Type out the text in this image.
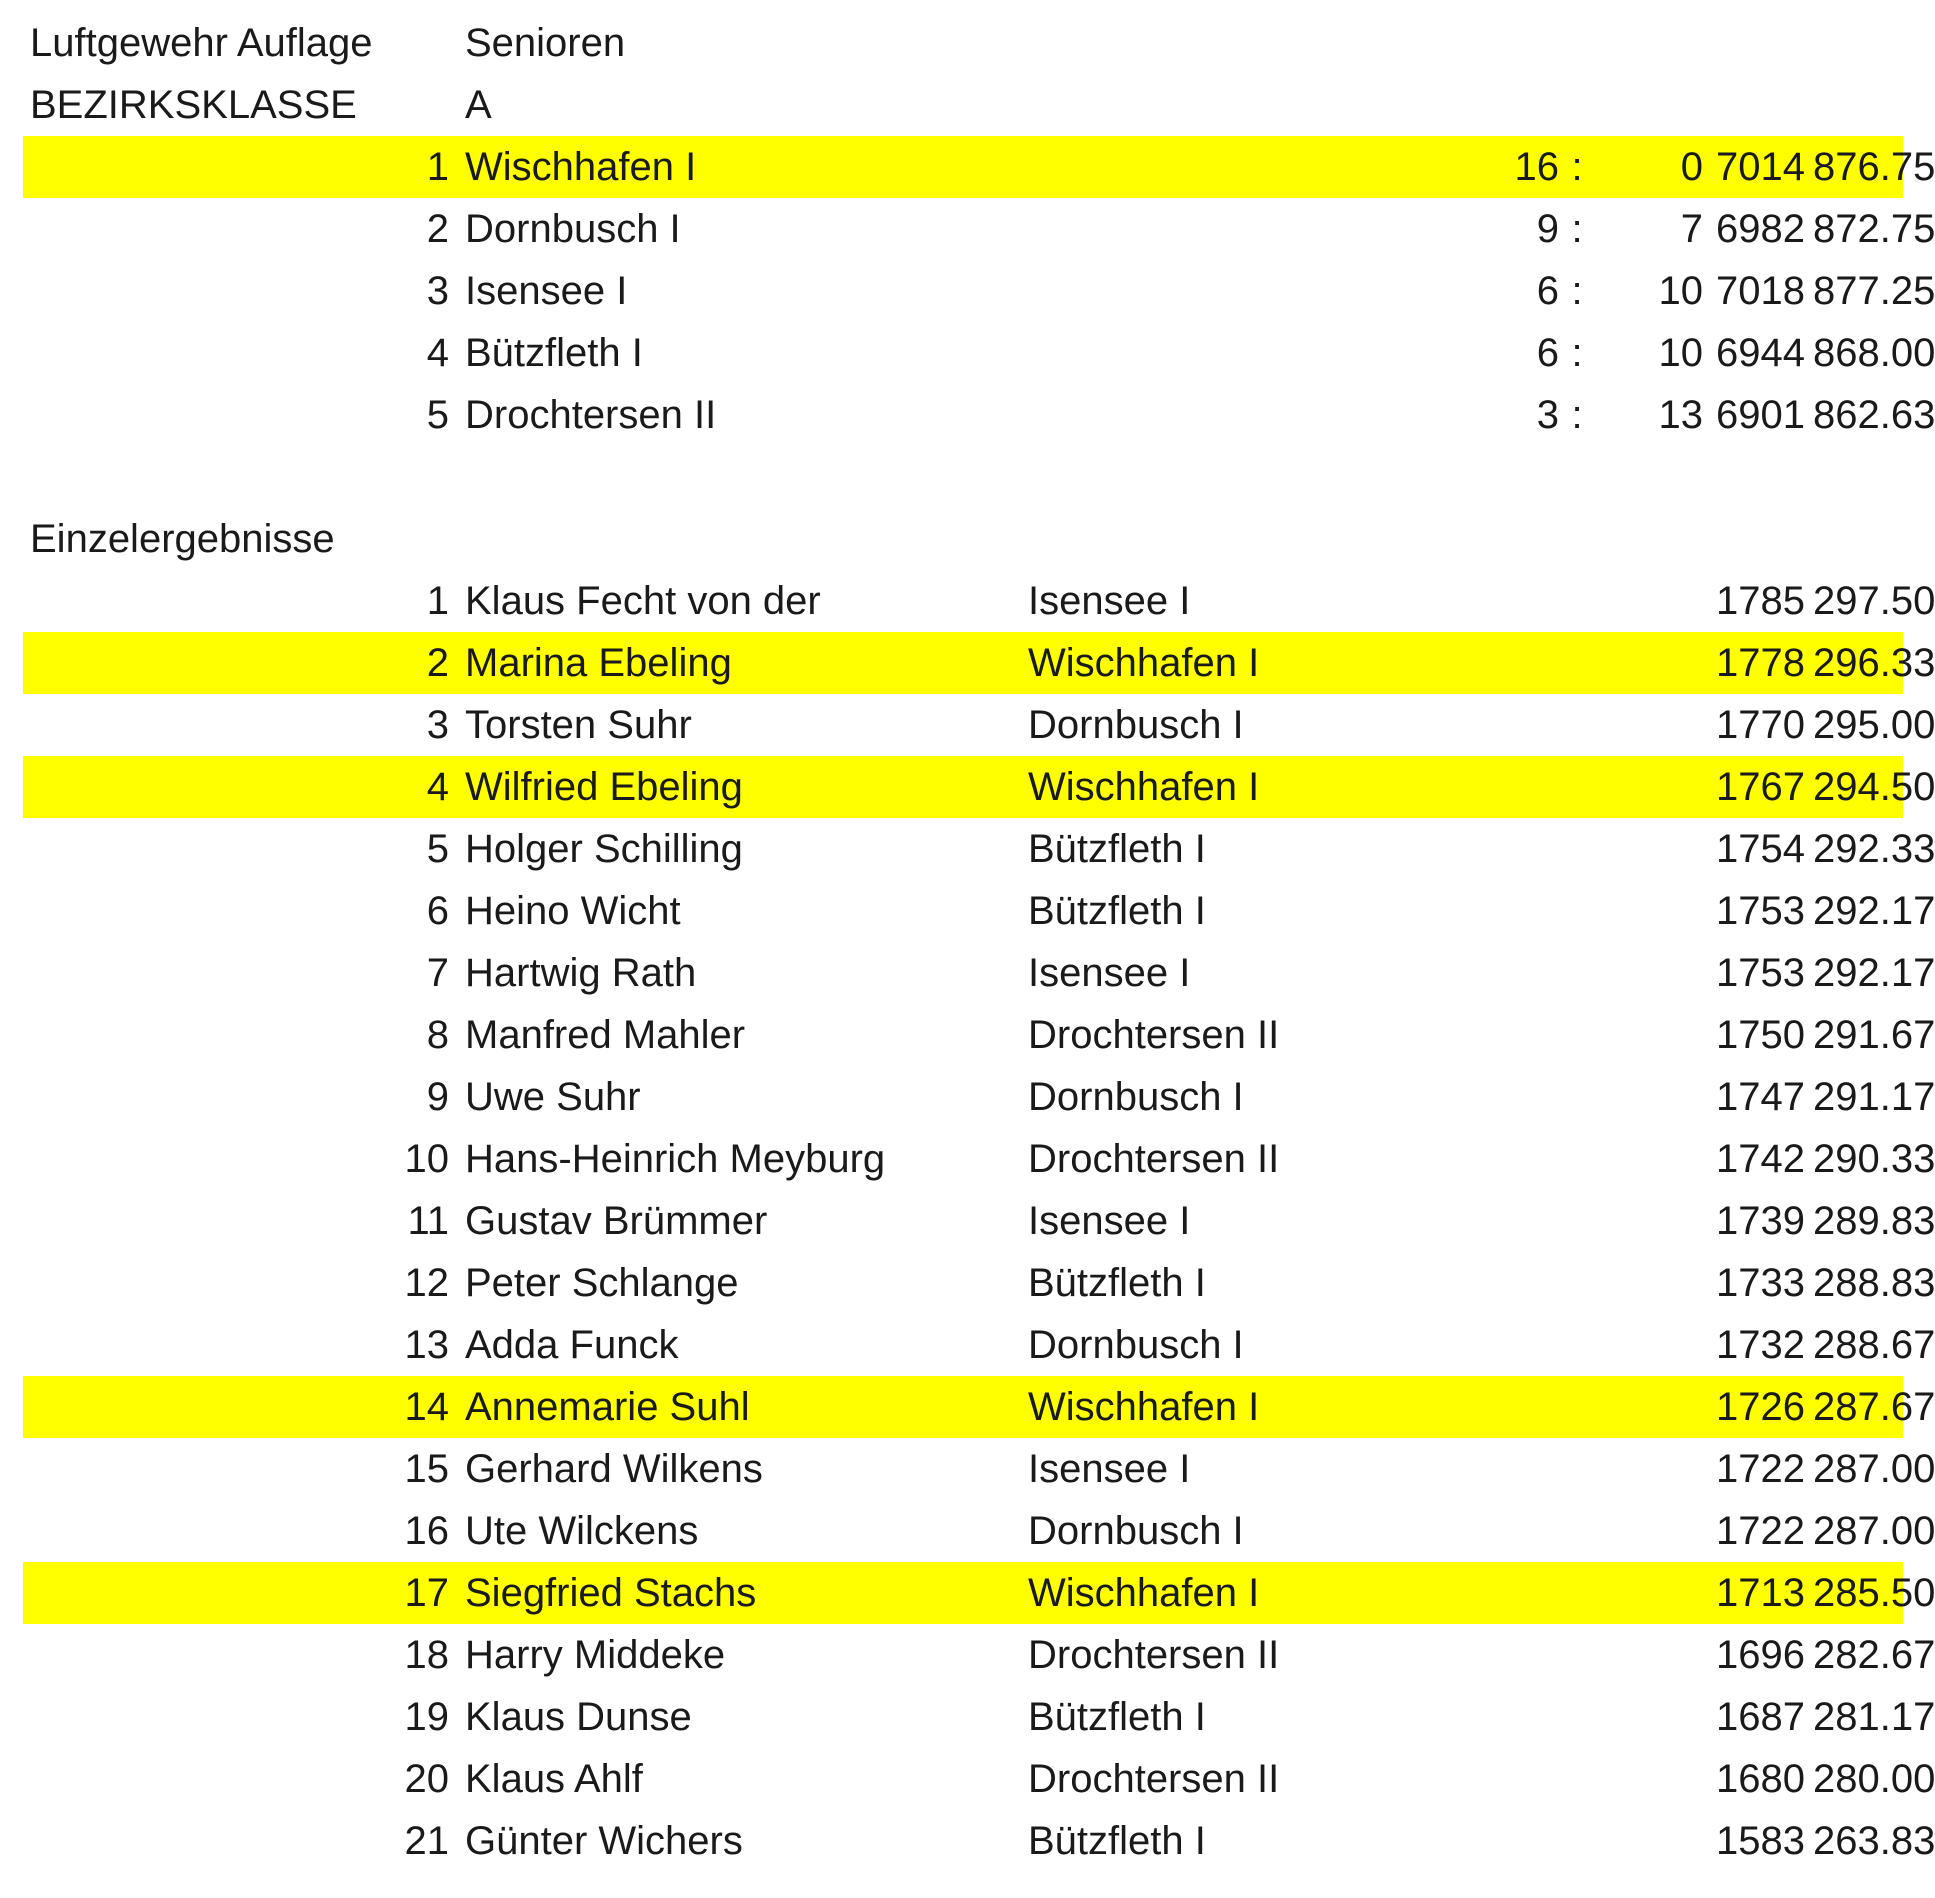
Luftgewehr Auflage Senioren
BEZIRKSKLASSE	A
1 Wischhafen I	16 :	0 7014 876.75
2 Dornbusch I	9 :	7 6982 872.75
3 Isensee I	6 :	10 7018 877.25
4 Bützfleth I	6 :	10 6944 868.00
5 Drochtersen II	3 :	13 6901 862.63
Einzelergebnisse
1 Klaus Fecht von der	Isensee I	1785 297.50
2 Marina Ebeling	Wischhafen I	1778 296.33
3 Torsten Suhr	Dornbusch I	1770 295.00
4 Wilfried Ebeling	Wischhafen I	1767 294.50
5 Holger Schilling	Bützfleth I	1754 292.33
6 Heino Wicht	Bützfleth I	1753 292.17
7 Hartwig Rath	Isensee I	1753 292.17
8 Manfred Mahler	Drochtersen II	1750 291.67
9 Uwe Suhr	Dornbusch I	1747 291.17
10 Hans-Heinrich Meyburg	Drochtersen II	1742 290.33
11 Gustav Brümmer	Isensee I	1739 289.83
12 Peter Schlange	Bützfleth I	1733 288.83
13 Adda Funck	Dornbusch I	1732 288.67
14 Annemarie Suhl	Wischhafen I	1726 287.67
15 Gerhard Wilkens	Isensee I	1722 287.00
16 Ute Wilckens	Dornbusch I	1722 287.00
17 Siegfried Stachs	Wischhafen I	1713 285.50
18 Harry Middeke	Drochtersen II	1696 282.67
19 Klaus Dunse	Bützfleth I	1687 281.17
20 Klaus Ahlf	Drochtersen II	1680 280.00
21 Günter Wichers	Bützfleth I	1583 263.83
